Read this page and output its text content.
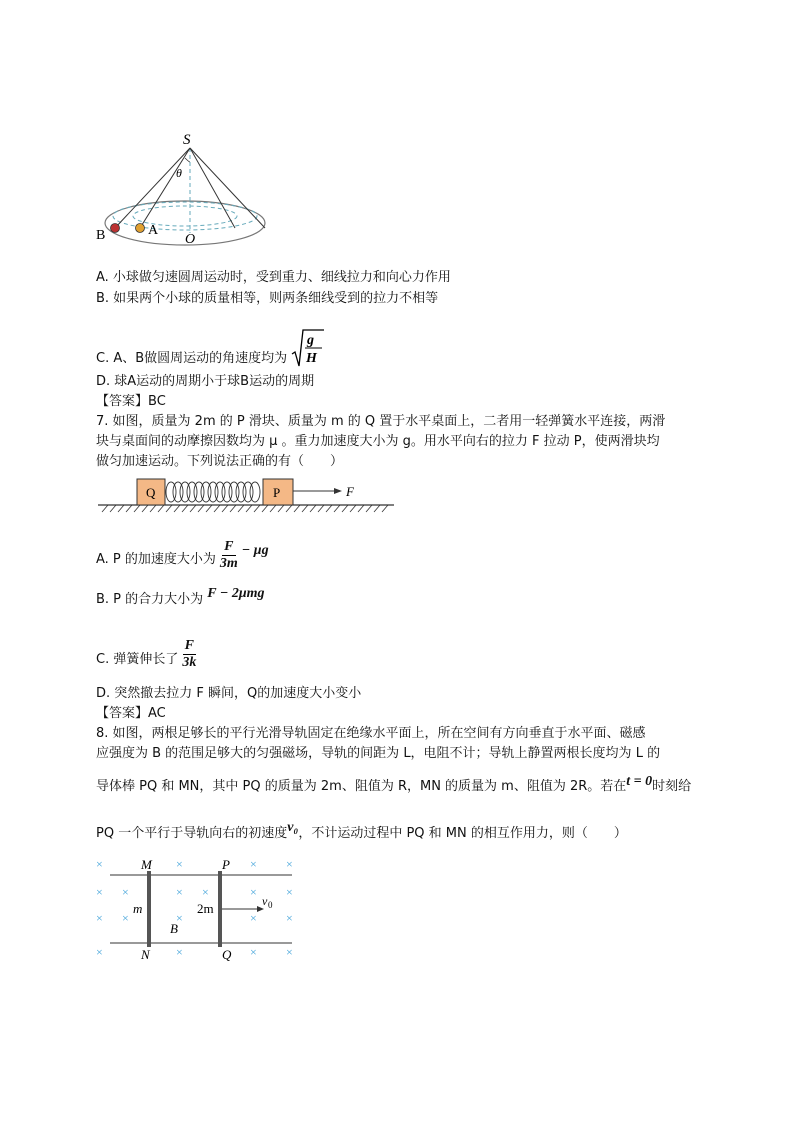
S
θ
B	A
O
A. 小球做匀速圆周运动时，受到重力、细线拉力和向心力作用
B. 如果两个小球的质量相等，则两条细线受到的拉力不相等
C. A、B做圆周运动的角速度均为
g
H
D. 球A运动的周期小于球B运动的周期
【答案】BC
7. 如图，质量为 2m 的 P 滑块、质量为 m 的 Q 置于水平桌面上，二者用一轻弹簧水平连接，两滑
块与桌面间的动摩擦因数均为 μ 。重力加速度大小为 g。用水平向右的拉力 F 拉动 P，使两滑块均
做匀加速运动。下列说法正确的有（　　）
Q	P	F
A. P 的加速度大小为 $\frac{F}{3m} - \mu g$
B. P 的合力大小为 F − 2μmg
C. 弹簧伸长了 $\frac{F}{3k}$
D. 突然撤去拉力 F 瞬间，Q的加速度大小变小
【答案】AC
8. 如图，两根足够长的平行光滑导轨固定在绝缘水平面上，所在空间有方向垂直于水平面、磁感
应强度为 B 的范围足够大的匀强磁场，导轨的间距为 L，电阻不计；导轨上静置两根长度均为 L 的
导体棒 PQ 和 MN，其中 PQ 的质量为 2m、阻值为 R，MN 的质量为 m、阻值为 2R。若在t = 0时刻给
PQ 一个平行于导轨向右的初速度v₀，不计运动过程中 PQ 和 MN 的相互作用力，则（　　）
×	×	× ×
× ×	× ×	× ×
× ×	×	× ×
×	×	× ×
M	P
m	2m	v 0
B
N	Q
